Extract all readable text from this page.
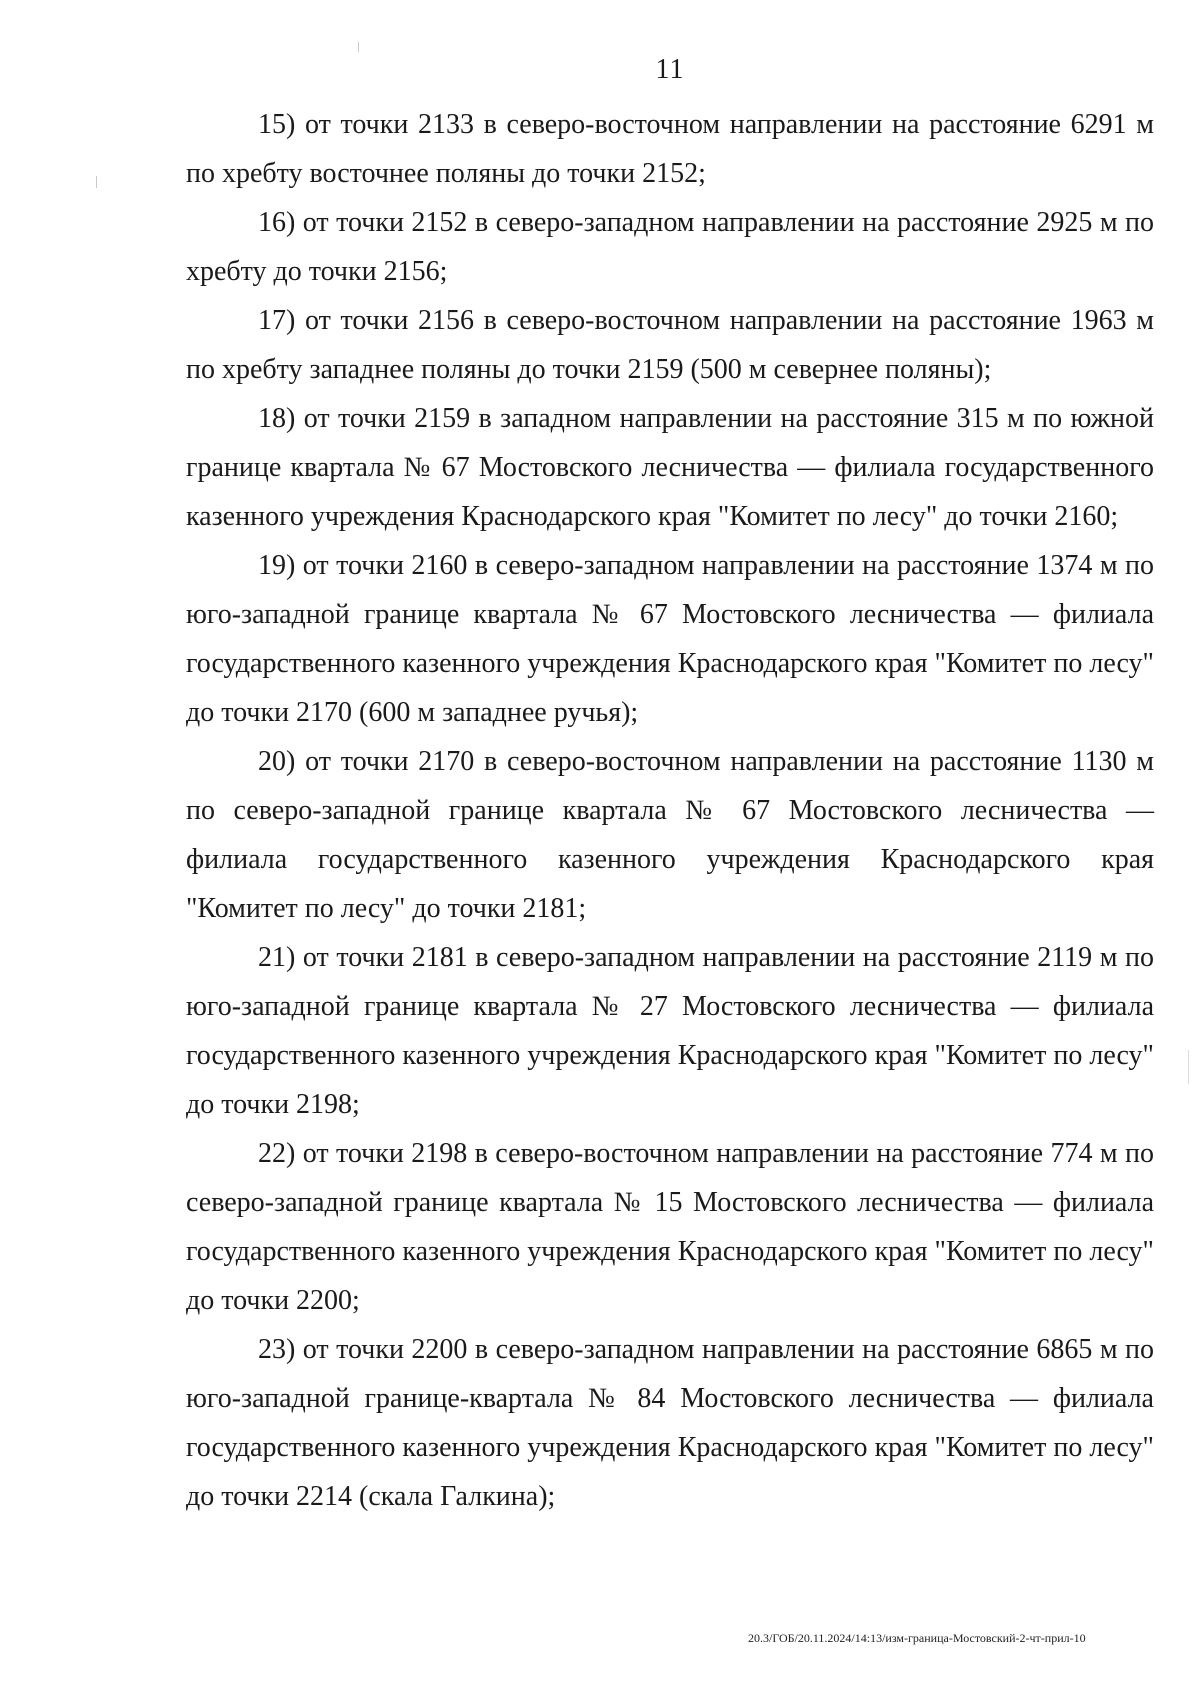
11

15) от точки 2133 в северо-восточном направлении на расстояние 6291 м по хребту восточнее поляны до точки 2152;

16) от точки 2152 в северо-западном направлении на расстояние 2925 м по хребту до точки 2156;

17) от точки 2156 в северо-восточном направлении на расстояние 1963 м по хребту западнее поляны до точки 2159 (500 м севернее поляны);

18) от точки 2159 в западном направлении на расстояние 315 м по южной границе квартала № 67 Мостовского лесничества — филиала государственного казенного учреждения Краснодарского края "Комитет по лесу" до точки 2160;

19) от точки 2160 в северо-западном направлении на расстояние 1374 м по юго-западной границе квартала № 67 Мостовского лесничества — филиала государственного казенного учреждения Краснодарского края "Комитет по лесу" до точки 2170 (600 м западнее ручья);

20) от точки 2170 в северо-восточном направлении на расстояние 1130 м по северо-западной границе квартала № 67 Мостовского лесничества — филиала государственного казенного учреждения Краснодарского края "Комитет по лесу" до точки 2181;

21) от точки 2181 в северо-западном направлении на расстояние 2119 м по юго-западной границе квартала № 27 Мостовского лесничества — филиала государственного казенного учреждения Краснодарского края "Комитет по лесу" до точки 2198;

22) от точки 2198 в северо-восточном направлении на расстояние 774 м по северо-западной границе квартала № 15 Мостовского лесничества — филиала государственного казенного учреждения Краснодарского края "Комитет по лесу" до точки 2200;

23) от точки 2200 в северо-западном направлении на расстояние 6865 м по юго-западной границе-квартала № 84 Мостовского лесничества — филиала государственного казенного учреждения Краснодарского края "Комитет по лесу" до точки 2214 (скала Галкина);

20.3/ГОБ/20.11.2024/14:13/изм-граница-Мостовский-2-чт-прил-10
